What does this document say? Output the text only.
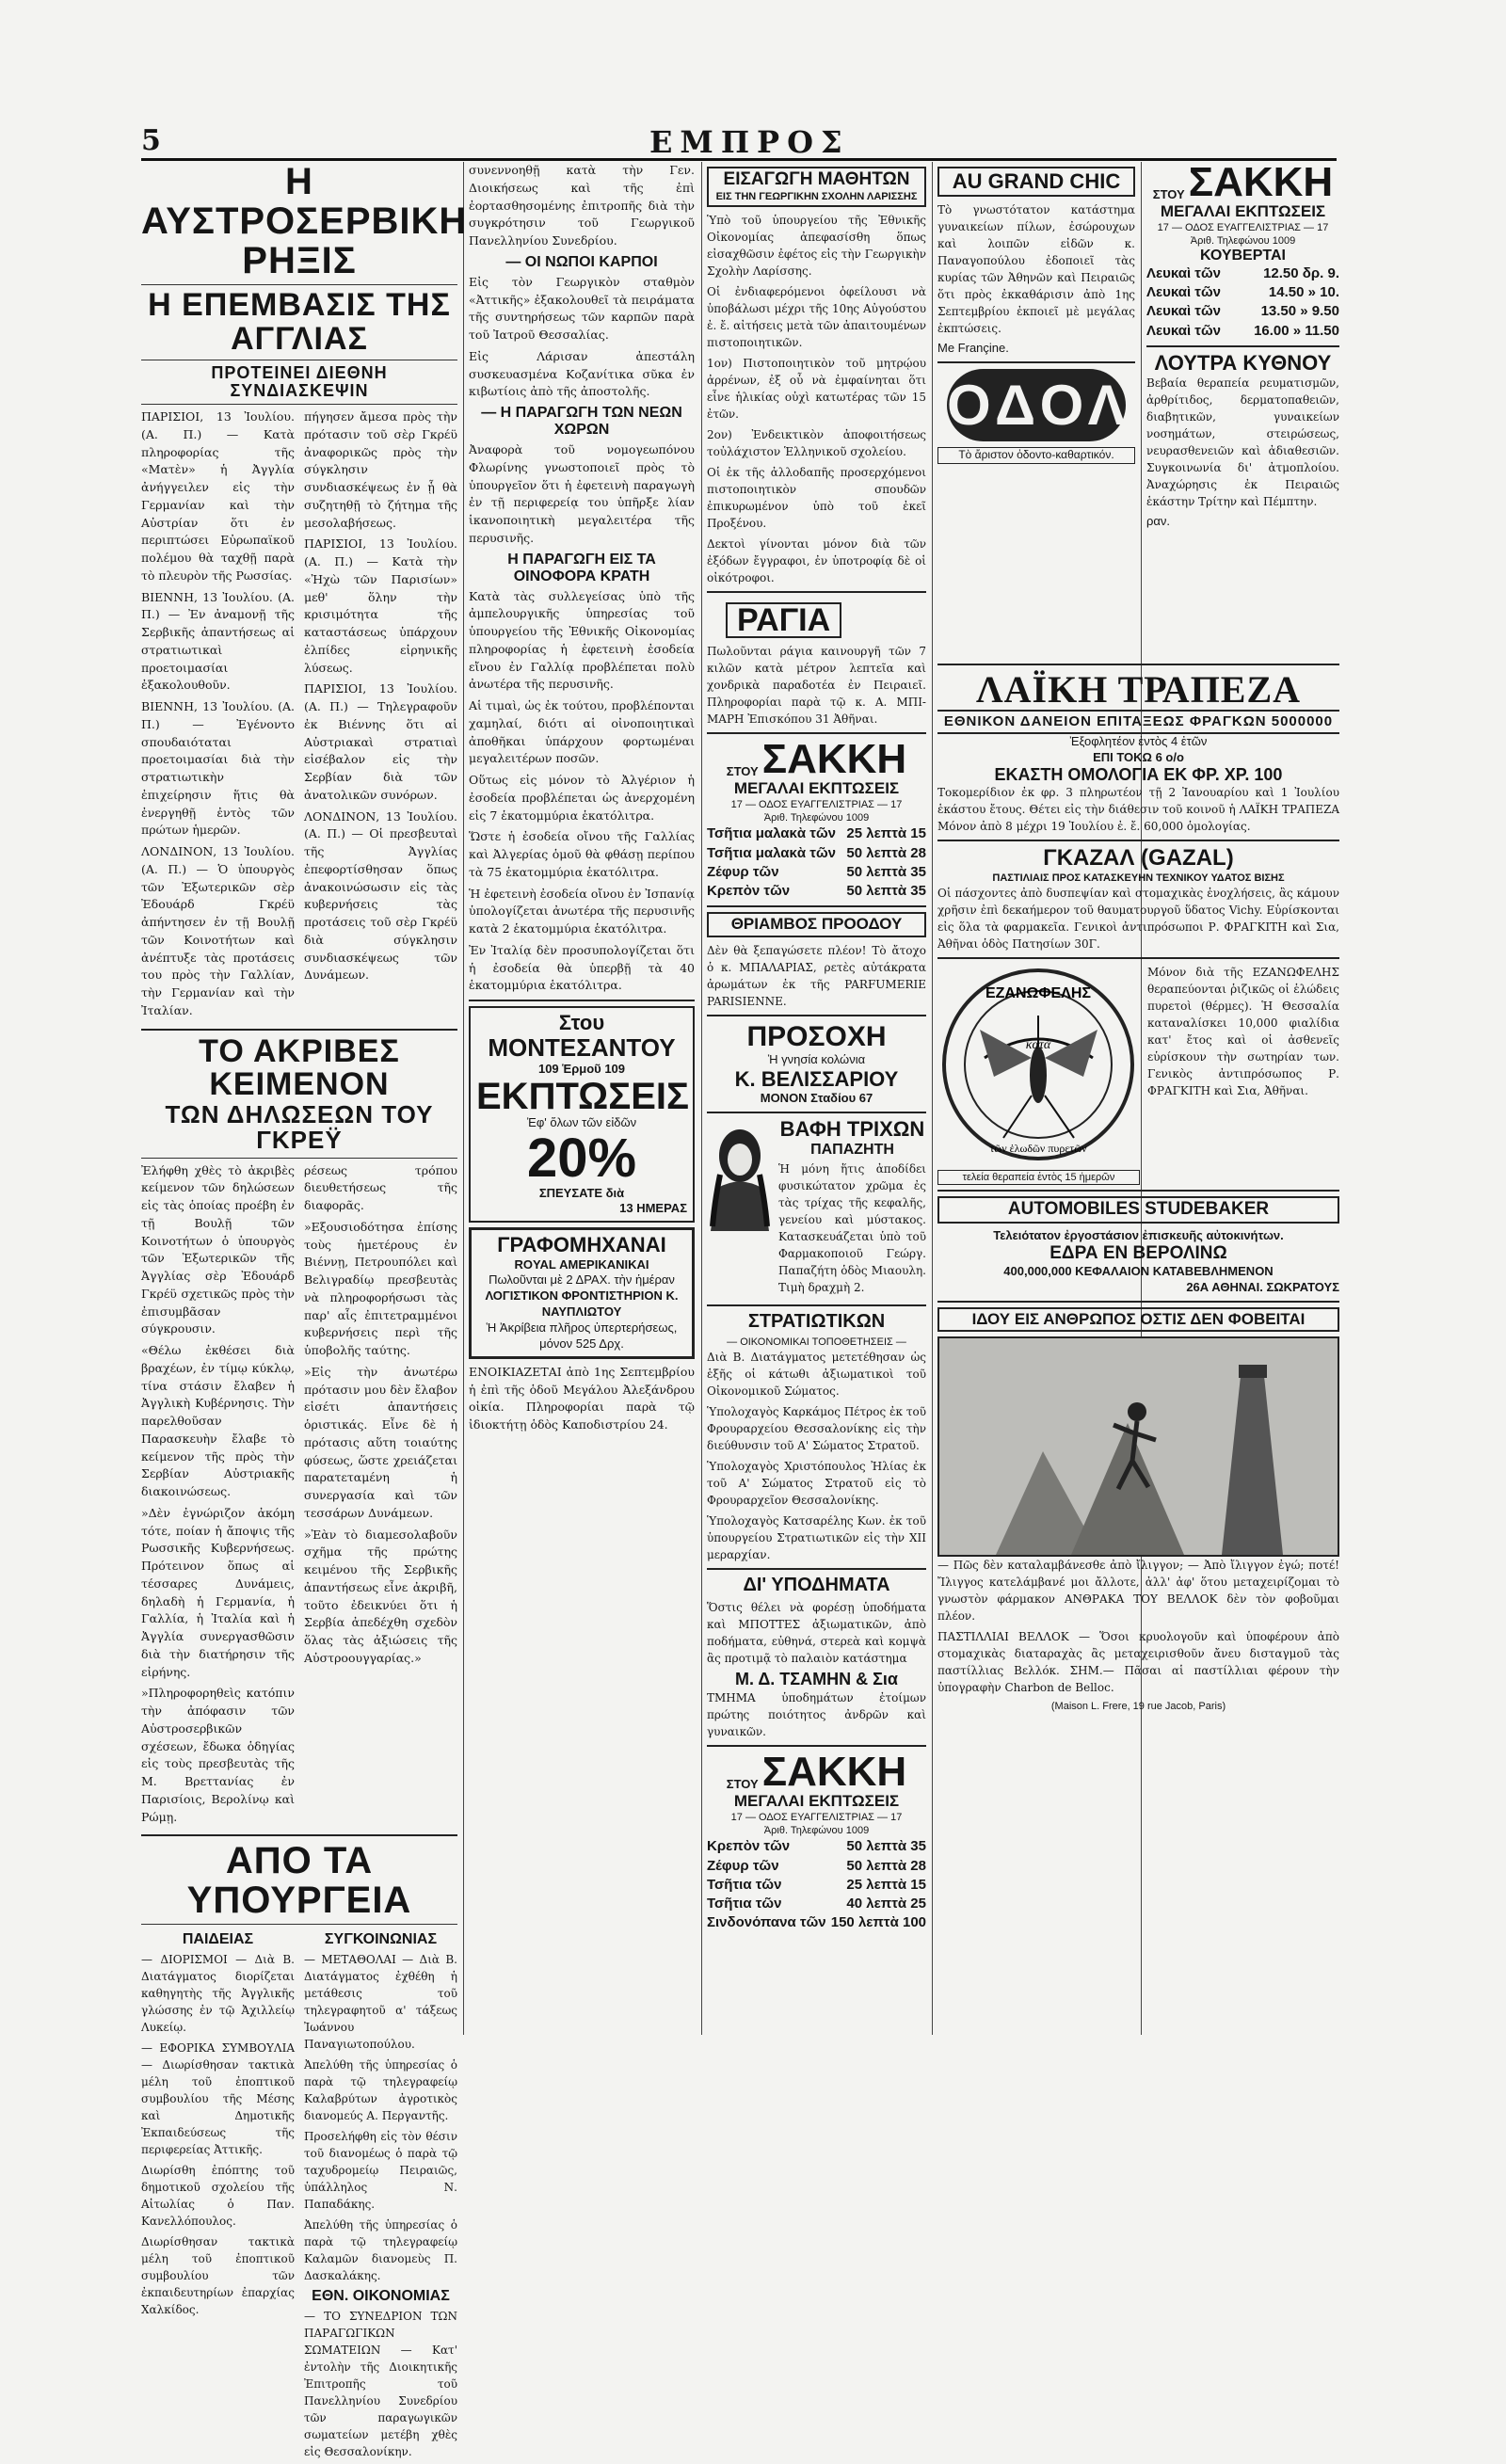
5	ΕΜΠΡΟΣ
Η ΑΥΣΤΡΟΣΕΡΒΙΚΗ ΡΗΞΙΣ
Η ΕΠΕΜΒΑΣΙΣ ΤΗΣ ΑΓΓΛΙΑΣ
ΠΡΟΤΕΙΝΕΙ ΔΙΕΘΝΗ ΣΥΝΔΙΑΣΚΕΨΙΝ

ΠΑΡΙΣΙΟΙ, 13 Ἰουλίου. (Α. Π.) — Κατὰ πληροφορίας τῆς «Ματὲν» ἡ Ἀγγλία ἀνήγγειλεν εἰς τὴν Γερμανίαν καὶ τὴν Αὐστρίαν ὅτι ἐν περιπτώσει Εὐρωπαϊκοῦ πολέμου θὰ ταχθῇ παρὰ τὸ πλευρὸν τῆς Ρωσσίας.

ΒΙΕΝΝΗ, 13 Ἰουλίου. (Α. Π.) — Ἐν ἀναμονῇ τῆς Σερβικῆς ἀπαντήσεως αἱ στρατιωτικαὶ προετοιμασίαι ἐξακολουθοῦν.

ΒΙΕΝΝΗ, 13 Ἰουλίου. (Α. Π.) — Ἐγένοντο σπουδαιόταται προετοιμασίαι διὰ τὴν στρατιωτικὴν ἐπιχείρησιν ἥτις θὰ ἐνεργηθῇ ἐντὸς τῶν πρώτων ἡμερῶν.

ΛΟΝΔΙΝΟΝ, 13 Ἰουλίου. (Α. Π.) — Ὁ ὑπουργὸς τῶν Ἐξωτερικῶν σὲρ Ἐδουάρδ Γκρέϋ ἀπήντησεν ἐν τῇ Βουλῇ τῶν Κοινοτήτων καὶ ἀνέπτυξε τὰς προτάσεις του πρὸς τὴν Γαλλίαν, τὴν Γερμανίαν καὶ τὴν Ἰταλίαν.

πήγησεν ἄμεσα πρὸς τὴν πρότασιν τοῦ σὲρ Γκρέϋ ἀναφορικῶς πρὸς τὴν σύγκλησιν συνδιασκέψεως ἐν ᾗ θὰ συζητηθῇ τὸ ζήτημα τῆς μεσολαβήσεως.

ΠΑΡΙΣΙΟΙ, 13 Ἰουλίου. (Α. Π.) — Κατὰ τὴν «Ἠχὼ τῶν Παρισίων» μεθ' ὅλην τὴν κρισιμότητα τῆς καταστάσεως ὑπάρχουν ἐλπίδες εἰρηνικῆς λύσεως.

ΠΑΡΙΣΙΟΙ, 13 Ἰουλίου. (Α. Π.) — Τηλεγραφοῦν ἐκ Βιέννης ὅτι αἱ Αὐστριακαὶ στρατιαὶ εἰσέβαλον εἰς τὴν Σερβίαν διὰ τῶν ἀνατολικῶν συνόρων.

ΛΟΝΔΙΝΟΝ, 13 Ἰουλίου. (Α. Π.) — Οἱ πρεσβευταὶ τῆς Ἀγγλίας ἐπεφορτίσθησαν ὅπως ἀνακοινώσωσιν εἰς τὰς κυβερνήσεις τὰς προτάσεις τοῦ σὲρ Γκρέϋ διὰ σύγκλησιν συνδιασκέψεως τῶν Δυνάμεων.

ΤΟ ΑΚΡΙΒΕΣ ΚΕΙΜΕΝΟΝ
ΤΩΝ ΔΗΛΩΣΕΩΝ ΤΟΥ ΓΚΡΕΫ

Ἐλήφθη χθὲς τὸ ἀκριβὲς κείμενον τῶν δηλώσεων εἰς τὰς ὁποίας προέβη ἐν τῇ Βουλῇ τῶν Κοινοτήτων ὁ ὑπουργὸς τῶν Ἐξωτερικῶν τῆς Ἀγγλίας σὲρ Ἐδουάρδ Γκρέϋ σχετικῶς πρὸς τὴν ἐπισυμβᾶσαν σύγκρουσιν.

«Θέλω ἐκθέσει διὰ βραχέων, ἐν τίμῳ κύκλῳ, τίνα στάσιν ἔλαβεν ἡ Ἀγγλικὴ Κυβέρνησις. Τὴν παρελθοῦσαν Παρασκευὴν ἔλαβε τὸ κείμενον τῆς πρὸς τὴν Σερβίαν Αὐστριακῆς διακοινώσεως.

»Δὲν ἐγνώριζον ἀκόμη τότε, ποίαν ἡ ἄποψις τῆς Ρωσσικῆς Κυβερνήσεως. Πρότεινον ὅπως αἱ τέσσαρες Δυνάμεις, δηλαδὴ ἡ Γερμανία, ἡ Γαλλία, ἡ Ἰταλία καὶ ἡ Ἀγγλία συνεργασθῶσιν διὰ τὴν διατήρησιν τῆς εἰρήνης.

»Πληροφορηθεὶς κατόπιν τὴν ἀπόφασιν τῶν Αὐστροσερβικῶν σχέσεων, ἔδωκα ὁδηγίας εἰς τοὺς πρεσβευτὰς τῆς Μ. Βρεττανίας ἐν Παρισίοις, Βερολίνῳ καὶ Ρώμῃ.

ρέσεως τρόπου διευθετήσεως τῆς διαφορᾶς.

»Εξουσιοδότησα ἐπίσης τοὺς ἡμετέρους ἐν Βιέννῃ, Πετρουπόλει καὶ Βελιγραδίῳ πρεσβευτὰς νὰ πληροφορήσωσι τὰς παρ' αἷς ἐπιτετραμμένοι κυβερνήσεις περὶ τῆς ὑποβολῆς ταύτης.

»Εἰς τὴν ἀνωτέρω πρότασιν μου δὲν ἔλαβον εἰσέτι ἀπαντήσεις ὁριστικάς. Εἶνε δὲ ἡ πρότασις αὕτη τοιαύτης φύσεως, ὥστε χρειάζεται παρατεταμένη ἡ συνεργασία καὶ τῶν τεσσάρων Δυνάμεων.

»Ἐὰν τὸ διαμεσολαβοῦν σχῆμα τῆς πρώτης κειμένου τῆς Σερβικῆς ἀπαντήσεως εἶνε ἀκριβῆ, τοῦτο ἐδεικνύει ὅτι ἡ Σερβία ἀπεδέχθη σχεδὸν ὅλας τὰς ἀξιώσεις τῆς Αὐστροουγγαρίας.»

ΑΠΟ ΤΑ ΥΠΟΥΡΓΕΙΑ
ΠΑΙΔΕΙΑΣ

— ΔΙΟΡΙΣΜΟΙ — Διὰ Β. Διατάγματος διορίζεται καθηγητὴς τῆς Ἀγγλικῆς γλώσσης ἐν τῷ Ἀχιλλείῳ Λυκείῳ.

— ΕΦΟΡΙΚΑ ΣΥΜΒΟΥΛΙΑ — Διωρίσθησαν τακτικὰ μέλη τοῦ ἐποπτικοῦ συμβουλίου τῆς Μέσης καὶ Δημοτικῆς Ἐκπαιδεύσεως τῆς περιφερείας Ἀττικῆς.

Διωρίσθη ἐπόπτης τοῦ δημοτικοῦ σχολείου τῆς Αἰτωλίας ὁ Παν. Κανελλόπουλος.

Διωρίσθησαν τακτικὰ μέλη τοῦ ἐποπτικοῦ συμβουλίου τῶν ἐκπαιδευτηρίων ἐπαρχίας Χαλκίδος.

ΣΥΓΚΟΙΝΩΝΙΑΣ

— ΜΕΤΑΘΟΛΑΙ — Διὰ Β. Διατάγματος ἐχθέθη ἡ μετάθεσις τοῦ τηλεγραφητοῦ α' τάξεως Ἰωάννου Παναγιωτοπούλου.

Ἀπελύθη τῆς ὑπηρεσίας ὁ παρὰ τῷ τηλεγραφείῳ Καλαβρύτων ἀγροτικὸς διανομεύς Α. Περγαντῆς.

Προσελήφθη εἰς τὸν θέσιν τοῦ διανομέως ὁ παρὰ τῷ ταχυδρομείῳ Πειραιῶς, ὑπάλληλος Ν. Παπαδάκης.

Ἀπελύθη τῆς ὑπηρεσίας ὁ παρὰ τῷ τηλεγραφείῳ Καλαμῶν διανομεὺς Π. Δασκαλάκης.

ΕΘΝ. ΟΙΚΟΝΟΜΙΑΣ

— ΤΟ ΣΥΝΕΔΡΙΟΝ ΤΩΝ ΠΑΡΑΓΩΓΙΚΩΝ ΣΩΜΑΤΕΙΩΝ — Κατ' ἐντολὴν τῆς Διοικητικῆς Ἐπιτροπῆς τοῦ Πανελληνίου Συνεδρίου τῶν παραγωγικῶν σωματείων μετέβη χθὲς εἰς Θεσσαλονίκην.

συνεννοηθῇ κατὰ τὴν Γεν. Διοικήσεως καὶ τῆς ἐπὶ ἐορτασθησομένης ἐπιτροπῆς διὰ τὴν συγκρότησιν τοῦ Γεωργικοῦ Πανελληνίου Συνεδρίου.

— ΟΙ ΝΩΠΟΙ ΚΑΡΠΟΙ

Εἰς τὸν Γεωργικὸν σταθμὸν «Ἀττικῆς» ἐξακολουθεῖ τὰ πειράματα τῆς συντηρήσεως τῶν καρπῶν παρὰ τοῦ Ἰατροῦ Θεσσαλίας.

Εἰς Λάρισαν ἀπεστάλη συσκευασμένα Κοζανίτικα σῦκα ἐν κιβωτίοις ἀπὸ τῆς ἀποστολῆς.

— Η ΠΑΡΑΓΩΓΗ ΤΩΝ ΝΕΩΝ ΧΩΡΩΝ

Ἀναφορὰ τοῦ νομογεωπόνου Φλωρίνης γνωστοποιεῖ πρὸς τὸ ὑπουργεῖον ὅτι ἡ ἐφετεινὴ παραγωγὴ ἐν τῇ περιφερείᾳ του ὑπῆρξε λίαν ἱκανοποιητικὴ μεγαλειτέρα τῆς περυσινῆς.

Η ΠΑΡΑΓΩΓΗ ΕΙΣ ΤΑ ΟΙΝΟΦΟΡΑ ΚΡΑΤΗ

Κατὰ τὰς συλλεγείσας ὑπὸ τῆς ἀμπελουργικῆς ὑπηρεσίας τοῦ ὑπουργείου τῆς Ἐθνικῆς Οἰκονομίας πληροφορίας ἡ ἐφετεινὴ ἐσοδεία εἴνου ἐν Γαλλίᾳ προβλέπεται πολὺ ἀνωτέρα τῆς περυσινῆς.

Αἱ τιμαὶ, ὡς ἐκ τούτου, προβλέπονται χαμηλαί, διότι αἱ οἰνοποιητικαὶ ἀποθῆκαι ὑπάρχουν φορτωμέναι μεγαλειτέρων ποσῶν.

Οὕτως εἰς μόνον τὸ Ἀλγέριον ἡ ἐσοδεία προβλέπεται ὡς ἀνερχομένη εἰς 7 ἑκατομμύρια ἑκατόλιτρα.

Ὥστε ἡ ἐσοδεία οἴνου τῆς Γαλλίας καὶ Ἀλγερίας ὁμοῦ θὰ φθάσῃ περίπου τὰ 75 ἑκατομμύρια ἑκατόλιτρα.

Ἡ ἐφετεινὴ ἐσοδεία οἴνου ἐν Ἰσπανίᾳ ὑπολογίζεται ἀνωτέρα τῆς περυσινῆς κατὰ 2 ἑκατομμύρια ἑκατόλιτρα.

Ἐν Ἰταλίᾳ δὲν προσυπολογίζεται ὅτι ἡ ἐσοδεία θὰ ὑπερβῇ τὰ 40 ἑκατομμύρια ἑκατόλιτρα.

Στου
ΜΟΝΤΕΣΑΝΤΟΥ
109 Ἑρμοῦ 109
ΕΚΠΤΩΣΕΙΣ
Ἐφ' ὅλων τῶν εἰδῶν
20%
ΣΠΕΥΣΑΤΕ διὰ
13 ΗΜΕΡΑΣ
ΓΡΑΦΟΜΗΧΑΝΑΙ
ROYAL ΑΜΕΡΙΚΑΝΙΚΑΙ
Πωλοῦνται μὲ 2 ΔΡΑΧ. τὴν ἡμέραν
ΛΟΓΙΣΤΙΚΟΝ ΦΡΟΝΤΙΣΤΗΡΙΟΝ Κ. ΝΑΥΠΛΙΩΤΟΥ
Ἡ Ἀκρίβεια πλῆρος ὑπερτερήσεως, μόνον 525 Δρχ.

ΕΝΟΙΚΙΑΖΕΤΑΙ ἀπὸ 1ης Σεπτεμβρίου ἡ ἐπὶ τῆς ὁδοῦ Μεγάλου Ἀλεξάνδρου οἰκία. Πληροφορίαι παρὰ τῷ ἰδιοκτήτῃ ὁδὸς Καποδιστρίου 24.

ΕΙΣΑΓΩΓΗ ΜΑΘΗΤΩΝ
ΕΙΣ ΤΗΝ ΓΕΩΡΓΙΚΗΝ ΣΧΟΛΗΝ ΛΑΡΙΣΣΗΣ

Ὑπὸ τοῦ ὑπουργείου τῆς Ἐθνικῆς Οἰκονομίας ἀπεφασίσθη ὅπως εἰσαχθῶσιν ἐφέτος εἰς τὴν Γεωργικὴν Σχολὴν Λαρίσσης.

Οἱ ἐνδιαφερόμενοι ὀφείλουσι νὰ ὑποβάλωσι μέχρι τῆς 10ης Αὐγούστου ἐ. ἔ. αἰτήσεις μετὰ τῶν ἀπαιτουμένων πιστοποιητικῶν.

1ον) Πιστοποιητικὸν τοῦ μητρῴου ἀρρένων, ἐξ οὗ νὰ ἐμφαίνηται ὅτι εἶνε ἡλικίας οὐχὶ κατωτέρας τῶν 15 ἐτῶν.

2ον) Ἐνδεικτικὸν ἀποφοιτήσεως τοὐλάχιστον Ἑλληνικοῦ σχολείου.

Οἱ ἐκ τῆς ἀλλοδαπῆς προσερχόμενοι πιστοποιητικὸν σπουδῶν ἐπικυρωμένον ὑπὸ τοῦ ἐκεῖ Προξένου.

Δεκτοὶ γίνονται μόνον διὰ τῶν ἐξόδων ἔγγραφοι, ἐν ὑποτροφίᾳ δὲ οἱ οἰκότροφοι.

ΡΑΓΙΑ

Πωλοῦνται ράγια καινουργῆ τῶν 7 κιλῶν κατὰ μέτρον λεπτεῖα καὶ χονδρικὰ παραδοτέα ἐν Πειραιεῖ. Πληροφορίαι παρὰ τῷ κ. Α. ΜΠΙ-ΜΑΡΗ Ἐπισκόπου 31 Ἀθῆναι.

ΣΤΟΥ ΣΑΚΚΗ
ΜΕΓΑΛΑΙ ΕΚΠΤΩΣΕΙΣ
17 — ΟΔΟΣ ΕΥΑΓΓΕΛΙΣΤΡΙΑΣ — 17
Ἀριθ. Τηλεφώνου 1009
Τσῆτια μαλακὰ τῶν 25 λεπτὰ 15
Τσῆτια μαλακὰ τῶν 50 λεπτὰ 28
Ζέφυρ τῶν	50 λεπτὰ 35
Κρεπὸν τῶν	50 λεπτὰ 35
ΘΡΙΑΜΒΟΣ ΠΡΟΟΔΟΥ

Δὲν θὰ ξεπαγώσετε πλέον! Τὸ ἄτοχο ὁ κ. ΜΠΑΛΑΡΙΑΣ, ρετὲς αὐτάκρατα ἀρωμάτων ἐκ τῆς PARFUMERIE PARISIENNE.

ΠΡΟΣΟΧΗ
Ἡ γνησία κολώνια
Κ. ΒΕΛΙΣΣΑΡΙΟΥ
ΜΟΝΟΝ Σταδίου 67
ΒΑΦΗ ΤΡΙΧΩΝ
ΠΑΠΑΖΗΤΗ

Ἡ μόνη ἥτις ἀποδίδει φυσικώτατον χρῶμα ἐς τὰς τρίχας τῆς κεφαλῆς, γενείου καὶ μύστακος. Κατασκευάζεται ὑπὸ τοῦ Φαρμακοποιοῦ Γεώργ. Παπαζήτη ὁδὸς Μιαουλη. Τιμὴ δραχμὴ 2.

ΣΤΡΑΤΙΩΤΙΚΩΝ
— ΟΙΚΟΝΟΜΙΚΑΙ ΤΟΠΟΘΕΤΗΣΕΙΣ —

Διὰ Β. Διατάγματος μετετέθησαν ὡς ἑξῆς οἱ κάτωθι ἀξιωματικοὶ τοῦ Οἰκονομικοῦ Σώματος.

Ὑπολοχαγὸς Καρκάμος Πέτρος ἐκ τοῦ Φρουραρχείου Θεσσαλονίκης εἰς τὴν διεύθυνσιν τοῦ Α' Σώματος Στρατοῦ.

Ὑπολοχαγὸς Χριστόπουλος Ἠλίας ἐκ τοῦ Α' Σώματος Στρατοῦ εἰς τὸ Φρουραρχεῖον Θεσσαλονίκης.

Ὑπολοχαγὸς Κατσαρέλης Κων. ἐκ τοῦ ὑπουργείου Στρατιωτικῶν εἰς τὴν XII μεραρχίαν.

ΔΙ' ΥΠΟΔΗΜΑΤΑ

Ὅστις θέλει νὰ φορέσῃ ὑποδήματα καὶ ΜΠΟΤΤΕΣ ἀξιωματικῶν, ἀπὸ ποδήματα, εὐθηνά, στερεὰ καὶ κομψὰ ἂς προτιμᾷ τὸ παλαιὸν κατάστημα

Μ. Δ. ΤΣΑΜΗΝ & Σια

ΤΜΗΜΑ ὑποδημάτων ἐτοίμων πρώτης ποιότητος ἀνδρῶν καὶ γυναικῶν.

ΣΤΟΥ ΣΑΚΚΗ
ΜΕΓΑΛΑΙ ΕΚΠΤΩΣΕΙΣ
17 — ΟΔΟΣ ΕΥΑΓΓΕΛΙΣΤΡΙΑΣ — 17
Ἀριθ. Τηλεφώνου 1009
Κρεπὸν τῶν	50 λεπτὰ 35
Ζέφυρ τῶν	50 λεπτὰ 28
Τσῆτια τῶν	25 λεπτὰ 15
Τσῆτια τῶν	40 λεπτὰ 25
Σινδονόπανα τῶν 150 λεπτὰ 100
AU GRAND CHIC

Τὸ γνωστότατον κατάστημα γυναικείων πίλων, ἐσώρουχων καὶ λοιπῶν εἰδῶν κ. Παναγοπούλου ἐδοποιεῖ τὰς κυρίας τῶν Ἀθηνῶν καὶ Πειραιῶς ὅτι πρὸς ἐκκαθάρισιν ἀπὸ 1ης Σεπτεμβρίου ἐκποιεῖ μὲ μεγάλας ἐκπτώσεις.

Me Françine.
ΟΔΟΛ
Τὸ ἄριστον ὀδοντο-καθαρτικόν.
ΣΤΟΥ ΣΑΚΚΗ
ΜΕΓΑΛΑΙ ΕΚΠΤΩΣΕΙΣ
17 — ΟΔΟΣ ΕΥΑΓΓΕΛΙΣΤΡΙΑΣ — 17
Ἀριθ. Τηλεφώνου 1009
ΚΟΥΒΕΡΤΑΙ
Λευκαὶ τῶν	12.50 δρ. 9.
Λευκαὶ τῶν	14.50 » 10.
Λευκαὶ τῶν	13.50 » 9.50
Λευκαὶ τῶν 16.00 » 11.50
ΛΟΥΤΡΑ ΚΥΘΝΟΥ

Βεβαία θεραπεία ρευματισμῶν, ἀρθρίτιδος, δερματοπαθειῶν, διαβητικῶν, γυναικείων νοσημάτων, στειρώσεως, νευρασθενειῶν καὶ ἀδιαθεσιῶν. Συγκοινωνία δι' ἀτμοπλοίου. Ἀναχώρησις ἐκ Πειραιῶς ἑκάστην Τρίτην καὶ Πέμπτην.

ραν.
ΛΑΪΚΗ ΤΡΑΠΕΖΑ
ΕΘΝΙΚΟΝ ΔΑΝΕΙΟΝ ΕΠΙΤΑΞΕΩΣ ΦΡΑΓΚΩΝ 5000000
Ἐξοφλητέον ἐντὸς 4 ἐτῶν
ΕΠΙ ΤΟΚΩ 6 ο/ο
ΕΚΑΣΤΗ ΟΜΟΛΟΓΙΑ ΕΚ ΦΡ. ΧΡ. 100

Τοκομερίδιον ἐκ φρ. 3 πληρωτέον τῇ 2 Ἰανουαρίου καὶ 1 Ἰουλίου ἑκάστου ἔτους. Θέτει εἰς τὴν διάθεσιν τοῦ κοινοῦ ἡ ΛΑΪΚΗ ΤΡΑΠΕΖΑ Μόνον ἀπὸ 8 μέχρι 19 Ἰουλίου ἐ. ἔ. 60,000 ὁμολογίας.

ΓΚΑΖΑΛ (GAZAL)
ΠΑΣΤΙΛΙΑΙΣ ΠΡΟΣ ΚΑΤΑΣΚΕΥΗΝ ΤΕΧΝΙΚΟΥ ΥΔΑΤΟΣ ΒΙΣΗΣ

Οἱ πάσχοντες ἀπὸ δυσπεψίαν καὶ στομαχικὰς ἐνοχλήσεις, ἂς κάμουν χρῆσιν ἐπὶ δεκαήμερον τοῦ θαυματουργοῦ ὕδατος Vichy. Εὑρίσκονται εἰς ὅλα τὰ φαρμακεῖα. Γενικοὶ ἀντιπρόσωποι Ρ. ΦΡΑΓΚΙΤΗ καὶ Σια, Ἀθῆναι ὁδὸς Πατησίων 30Γ.

ΕΖΑΝΩΦΕΛΗΣ
κατὰ
τῶν ἑλωδῶν πυρετῶν
τελεία θεραπεία ἐντὸς 15 ἡμερῶν

Μόνον διὰ τῆς ΕΖΑΝΩΦΕΛΗΣ θεραπεύονται ῥιζικῶς οἱ ἑλώδεις πυρετοὶ (θέρμες). Ἡ Θεσσαλία καταναλίσκει 10,000 φιαλίδια κατ' ἔτος καὶ οἱ ἀσθενεῖς εὑρίσκουν τὴν σωτηρίαν των. Γενικὸς ἀντιπρόσωπος Ρ. ΦΡΑΓΚΙΤΗ καὶ Σια, Ἀθῆναι.

AUTOMOBILES STUDEBAKER
Τελειότατον ἐργοστάσιον ἐπισκευῆς αὐτοκινήτων.
ΕΔΡΑ ΕΝ ΒΕΡΟΛΙΝΩ
400,000,000 ΚΕΦΑΛΑΙΟΝ ΚΑΤΑΒΕΒΛΗΜΕΝΟΝ
26Α ΑΘΗΝΑΙ. ΣΩΚΡΑΤΟΥΣ
ΙΔΟΥ ΕΙΣ ΑΝΘΡΩΠΟΣ ΟΣΤΙΣ ΔΕΝ ΦΟΒΕΙΤΑΙ

— Πῶς δὲν καταλαμβάνεσθε ἀπὸ ἴλιγγον; — Ἀπὸ ἴλιγγον ἐγώ; ποτέ! Ἴλιγγος κατελάμβανέ μοι ἄλλοτε, ἀλλ' ἀφ' ὅτου μεταχειρίζομαι τὸ γνωστὸν φάρμακον ΑΝΘΡΑΚΑ ΤΟΥ ΒΕΛΛΟΚ δὲν τὸν φοβοῦμαι πλέον.

ΠΑΣΤΙΛΛΙΑΙ ΒΕΛΛΟΚ — Ὅσοι κρυολογοῦν καὶ ὑποφέρουν ἀπὸ στομαχικὰς διαταραχὰς ἂς μεταχειρισθοῦν ἄνευ δισταγμοῦ τὰς παστίλλιας Βελλόκ. ΣΗΜ.— Πᾶσαι αἱ παστίλλιαι φέρουν τὴν ὑπογραφὴν Charbon de Belloc.

(Maison L. Frere, 19 rue Jacob, Paris)
